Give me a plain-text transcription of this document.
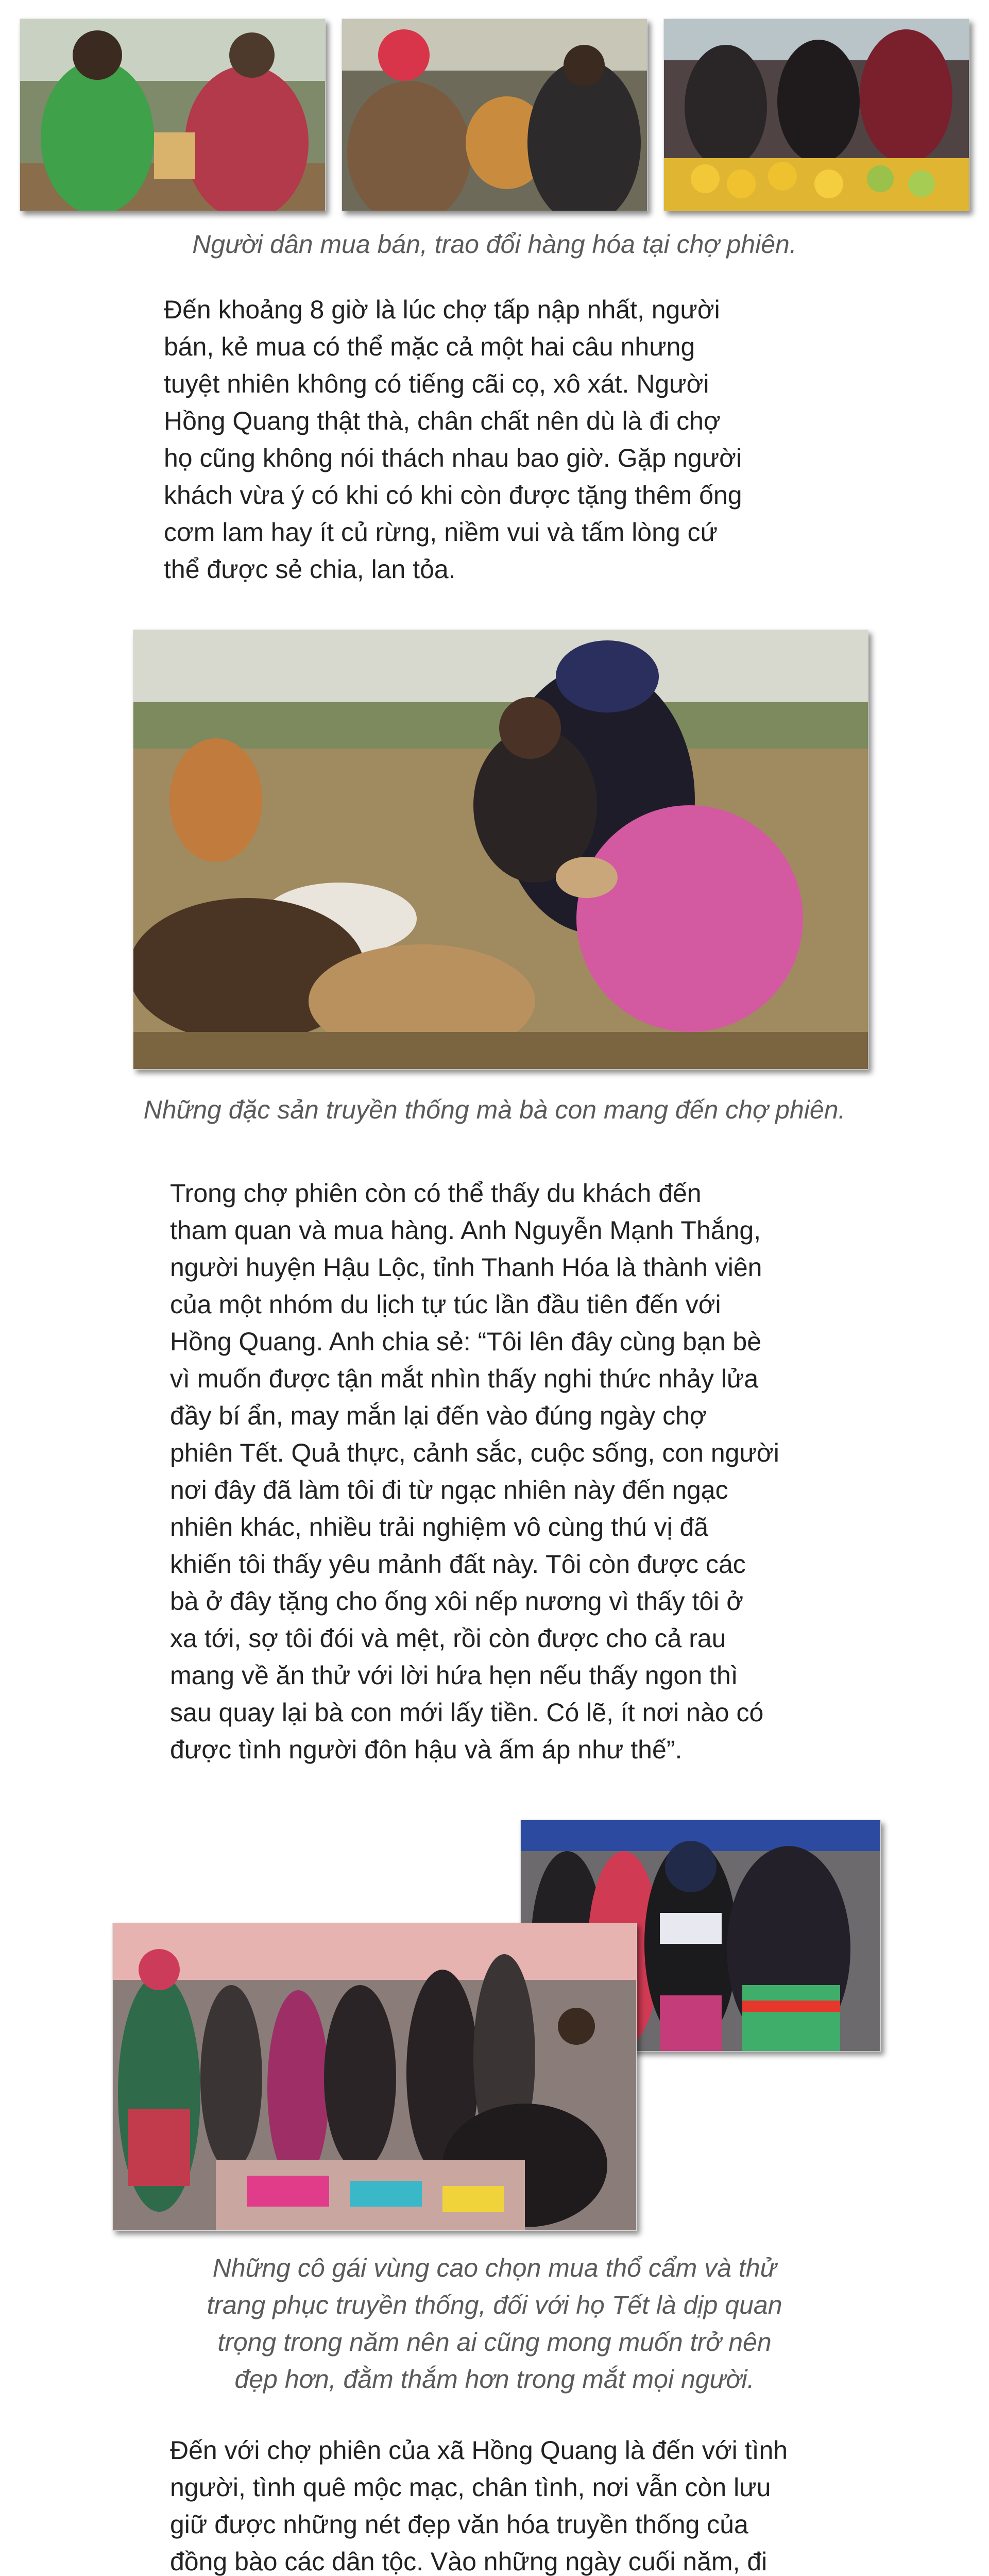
Người dân mua bán, trao đổi hàng hóa tại chợ phiên.
Đến khoảng 8 giờ là lúc chợ tấp nập nhất, người
bán, kẻ mua có thể mặc cả một hai câu nhưng
tuyệt nhiên không có tiếng cãi cọ, xô xát. Người
Hồng Quang thật thà, chân chất nên dù là đi chợ
họ cũng không nói thách nhau bao giờ. Gặp người
khách vừa ý có khi có khi còn được tặng thêm ống
cơm lam hay ít củ rừng, niềm vui và tấm lòng cứ
thể được sẻ chia, lan tỏa.
Những đặc sản truyền thống mà bà con mang đến chợ phiên.
Trong chợ phiên còn có thể thấy du khách đến
tham quan và mua hàng. Anh Nguyễn Mạnh Thắng,
người huyện Hậu Lộc, tỉnh Thanh Hóa là thành viên
của một nhóm du lịch tự túc lần đầu tiên đến với
Hồng Quang. Anh chia sẻ: “Tôi lên đây cùng bạn bè
vì muốn được tận mắt nhìn thấy nghi thức nhảy lửa
đầy bí ẩn, may mắn lại đến vào đúng ngày chợ
phiên Tết. Quả thực, cảnh sắc, cuộc sống, con người
nơi đây đã làm tôi đi từ ngạc nhiên này đến ngạc
nhiên khác, nhiều trải nghiệm vô cùng thú vị đã
khiến tôi thấy yêu mảnh đất này. Tôi còn được các
bà ở đây tặng cho ống xôi nếp nương vì thấy tôi ở
xa tới, sợ tôi đói và mệt, rồi còn được cho cả rau
mang về ăn thử với lời hứa hẹn nếu thấy ngon thì
sau quay lại bà con mới lấy tiền. Có lẽ, ít nơi nào có
được tình người đôn hậu và ấm áp như thế”.
Những cô gái vùng cao chọn mua thổ cẩm và thử
trang phục truyền thống, đối với họ Tết là dịp quan
trọng trong năm nên ai cũng mong muốn trở nên
đẹp hơn, đằm thắm hơn trong mắt mọi người.
Đến với chợ phiên của xã Hồng Quang là đến với tình
người, tình quê mộc mạc, chân tình, nơi vẫn còn lưu
giữ được những nét đẹp văn hóa truyền thống của
đồng bào các dân tộc. Vào những ngày cuối năm, đi
